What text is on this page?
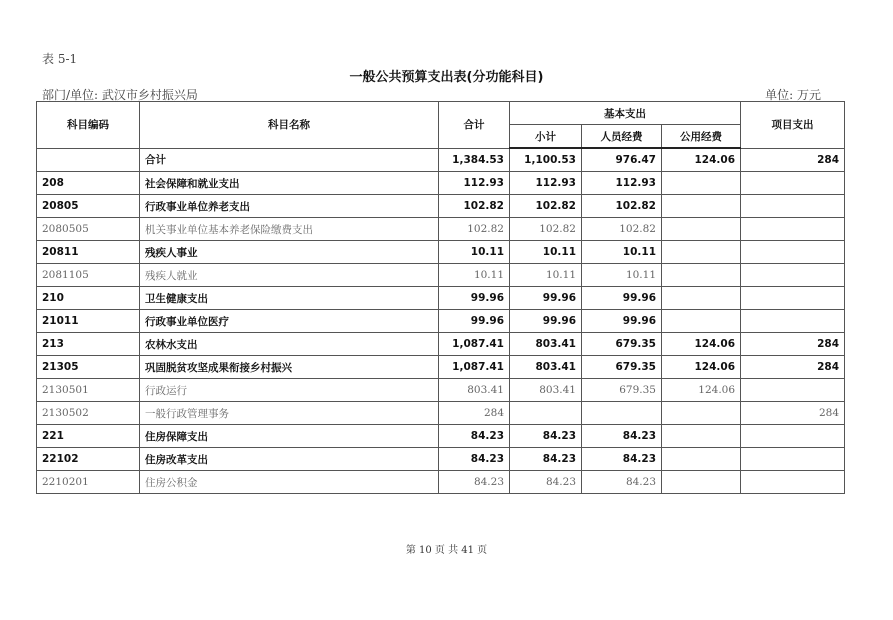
表 5-1
一般公共预算支出表(分功能科目)
部门/单位: 武汉市乡村振兴局	单位: 万元
科目编码	科目名称	合计	基本支出			项目支出
			小计	人员经费	公用经费	
	合计	1,384.53	1,100.53	976.47	124.06	284
208	社会保障和就业支出	112.93	112.93	112.93		
20805	行政事业单位养老支出	102.82	102.82	102.82		
2080505	机关事业单位基本养老保险缴费支出	102.82	102.82	102.82		
20811	残疾人事业	10.11	10.11	10.11		
2081105	残疾人就业	10.11	10.11	10.11		
210	卫生健康支出	99.96	99.96	99.96		
21011	行政事业单位医疗	99.96	99.96	99.96		
213	农林水支出	1,087.41	803.41	679.35	124.06	284
21305	巩固脱贫攻坚成果衔接乡村振兴	1,087.41	803.41	679.35	124.06	284
2130501	行政运行	803.41	803.41	679.35	124.06	
2130502	一般行政管理事务	284				284
221	住房保障支出	84.23	84.23	84.23		
22102	住房改革支出	84.23	84.23	84.23		
2210201	住房公积金	84.23	84.23	84.23		
第 10 页 共 41 页
